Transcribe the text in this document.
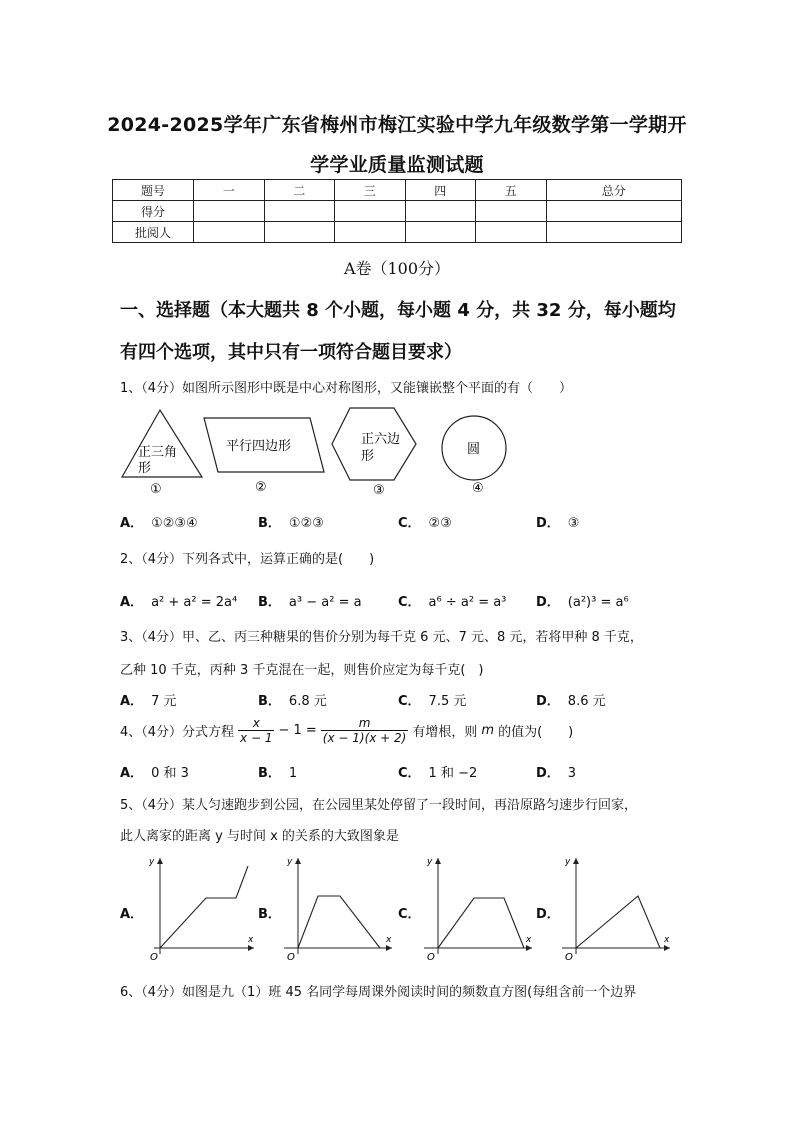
2024-2025学年广东省梅州市梅江实验中学九年级数学第一学期开
学学业质量监测试题
题号	一	二	三	四	五	总分
得分						
批阅人						
A卷（100分）
一、选择题（本大题共 8 个小题，每小题 4 分，共 32 分，每小题均
有四个选项，其中只有一项符合题目要求）
1、（4分）如图所示图形中既是中心对称图形，又能镶嵌整个平面的有（　　）
正三角
形
①
平行四边形
②
正六边
形
③
圆
④
A． ①②③④	B． ①②③	C． ②③	D． ③
2、（4分）下列各式中，运算正确的是(　　)
A． a² + a² = 2a⁴ B． a³ − a² = a	C． a⁶ ÷ a² = a³ D． (a²)³ = a⁶
3、（4分）甲、乙、丙三种糖果的售价分别为每千克 6 元、7 元、8 元，若将甲种 8 千克，
乙种 10 千克，丙种 3 千克混在一起，则售价应定为每千克(　)
A． 7 元	B． 6.8 元	C． 7.5 元	D． 8.6 元
4、（4分）分式方程 $\frac{x}{x - 1} - 1 = \frac{m}{(x - 1)(x + 2)}$ 有增根，则 m 的值为(　　)
A． 0 和 3	B． 1	C． 1 和 −2	D． 3
5、（4分）某人匀速跑步到公园，在公园里某处停留了一段时间，再沿原路匀速步行回家，
此人离家的距离 y 与时间 x 的关系的大致图象是
A．	B．	C．	D．
O
y
x
O
y
x
O
y
x
O
y
x
6、（4分）如图是九（1）班 45 名同学每周课外阅读时间的频数直方图(每组含前一个边界
